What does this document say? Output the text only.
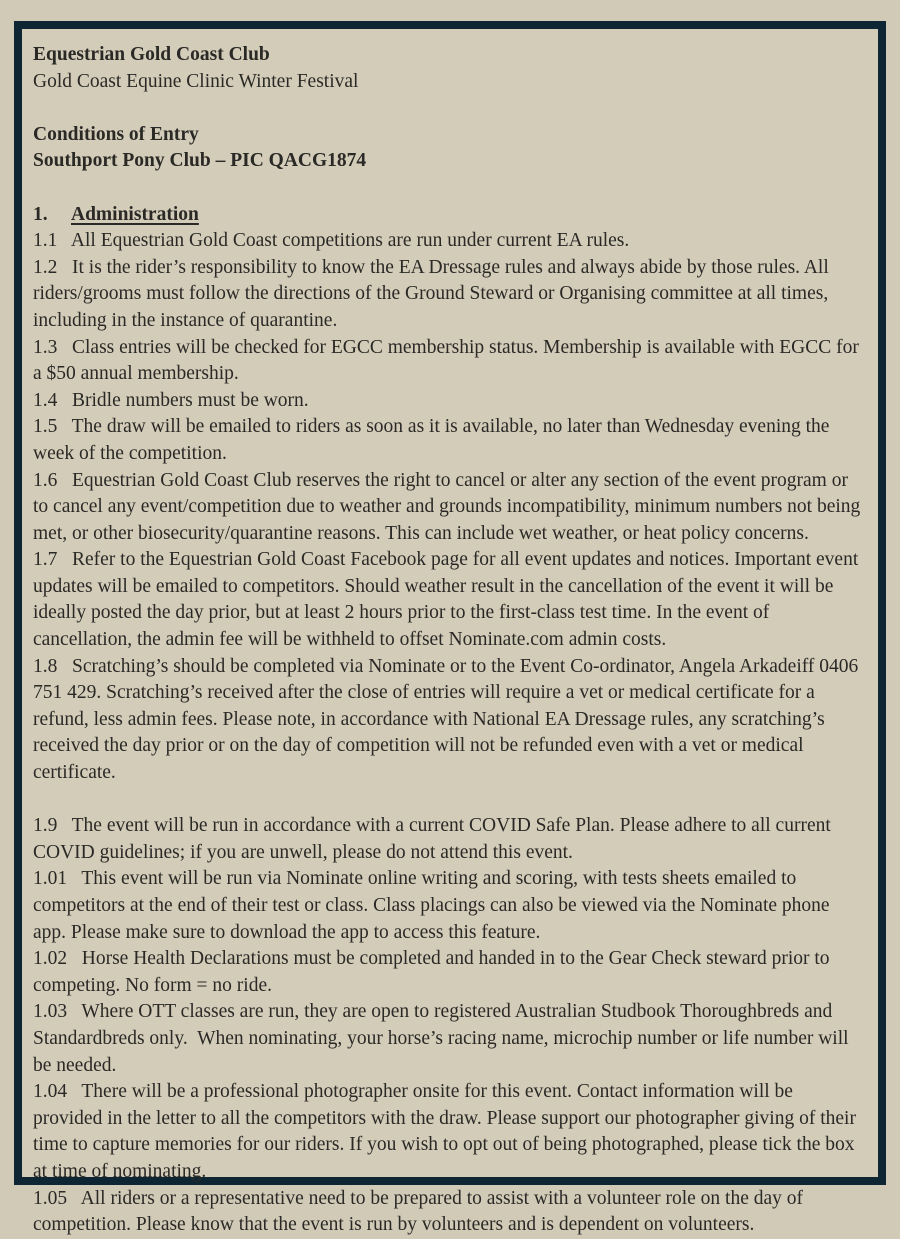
Equestrian Gold Coast Club

Gold Coast Equine Clinic Winter Festival

Conditions of Entry

Southport Pony Club – PIC QACG1874

1. Administration

1.1   All Equestrian Gold Coast competitions are run under current EA rules.

1.2   It is the rider’s responsibility to know the EA Dressage rules and always abide by those rules. All riders/grooms must follow the directions of the Ground Steward or Organising committee at all times, including in the instance of quarantine.

1.3   Class entries will be checked for EGCC membership status. Membership is available with EGCC for a $50 annual membership.

1.4   Bridle numbers must be worn.

1.5   The draw will be emailed to riders as soon as it is available, no later than Wednesday evening the week of the competition.

1.6   Equestrian Gold Coast Club reserves the right to cancel or alter any section of the event program or to cancel any event/competition due to weather and grounds incompatibility, minimum numbers not being met, or other biosecurity/quarantine reasons. This can include wet weather, or heat policy concerns.

1.7   Refer to the Equestrian Gold Coast Facebook page for all event updates and notices. Important event updates will be emailed to competitors. Should weather result in the cancellation of the event it will be ideally posted the day prior, but at least 2 hours prior to the first-class test time. In the event of cancellation, the admin fee will be withheld to offset Nominate.com admin costs.

1.8   Scratching’s should be completed via Nominate or to the Event Co-ordinator, Angela Arkadeiff 0406 751 429. Scratching’s received after the close of entries will require a vet or medical certificate for a refund, less admin fees. Please note, in accordance with National EA Dressage rules, any scratching’s received the day prior or on the day of competition will not be refunded even with a vet or medical certificate.

1.9   The event will be run in accordance with a current COVID Safe Plan. Please adhere to all current COVID guidelines; if you are unwell, please do not attend this event.

1.01   This event will be run via Nominate online writing and scoring, with tests sheets emailed to competitors at the end of their test or class. Class placings can also be viewed via the Nominate phone app. Please make sure to download the app to access this feature.

1.02   Horse Health Declarations must be completed and handed in to the Gear Check steward prior to competing. No form = no ride.

1.03   Where OTT classes are run, they are open to registered Australian Studbook Thoroughbreds and Standardbreds only.  When nominating, your horse’s racing name, microchip number or life number will be needed.

1.04   There will be a professional photographer onsite for this event. Contact information will be provided in the letter to all the competitors with the draw. Please support our photographer giving of their time to capture memories for our riders. If you wish to opt out of being photographed, please tick the box at time of nominating.

1.05   All riders or a representative need to be prepared to assist with a volunteer role on the day of competition. Please know that the event is run by volunteers and is dependent on volunteers.
